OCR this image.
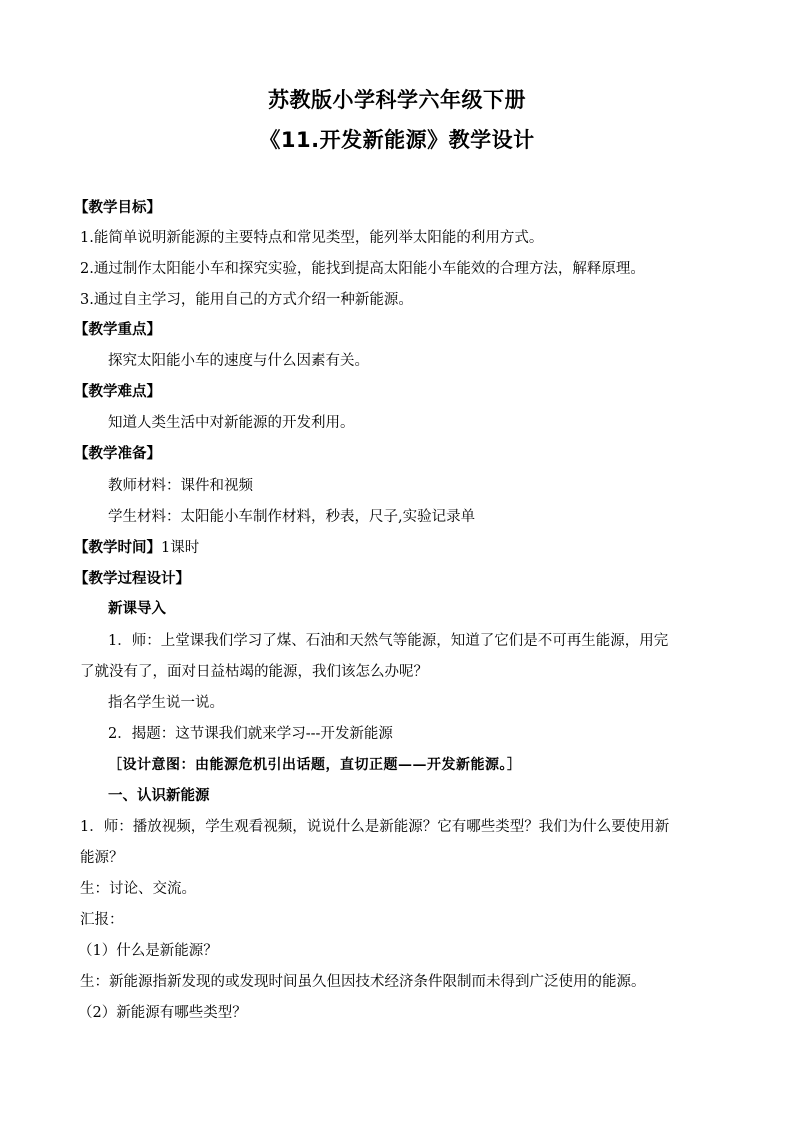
苏教版小学科学六年级下册
《11.开发新能源》教学设计
【教学目标】
1.能简单说明新能源的主要特点和常见类型，能列举太阳能的利用方式。
2.通过制作太阳能小车和探究实验，能找到提高太阳能小车能效的合理方法，解释原理。
3.通过自主学习，能用自己的方式介绍一种新能源。
【教学重点】
探究太阳能小车的速度与什么因素有关。
【教学难点】
知道人类生活中对新能源的开发利用。
【教学准备】
教师材料：课件和视频
学生材料：太阳能小车制作材料，秒表，尺子,实验记录单
【教学时间】1课时
【教学过程设计】
新课导入
1．师：上堂课我们学习了煤、石油和天然气等能源，知道了它们是不可再生能源，用完
了就没有了，面对日益枯竭的能源，我们该怎么办呢？
指名学生说一说。
2．揭题：这节课我们就来学习---开发新能源
［设计意图：由能源危机引出话题，直切正题——开发新能源。］
一、认识新能源
1．师：播放视频，学生观看视频，说说什么是新能源？它有哪些类型？我们为什么要使用新
能源？
生：讨论、交流。
汇报：
（1）什么是新能源？
生：新能源指新发现的或发现时间虽久但因技术经济条件限制而未得到广泛使用的能源。
（2）新能源有哪些类型？
